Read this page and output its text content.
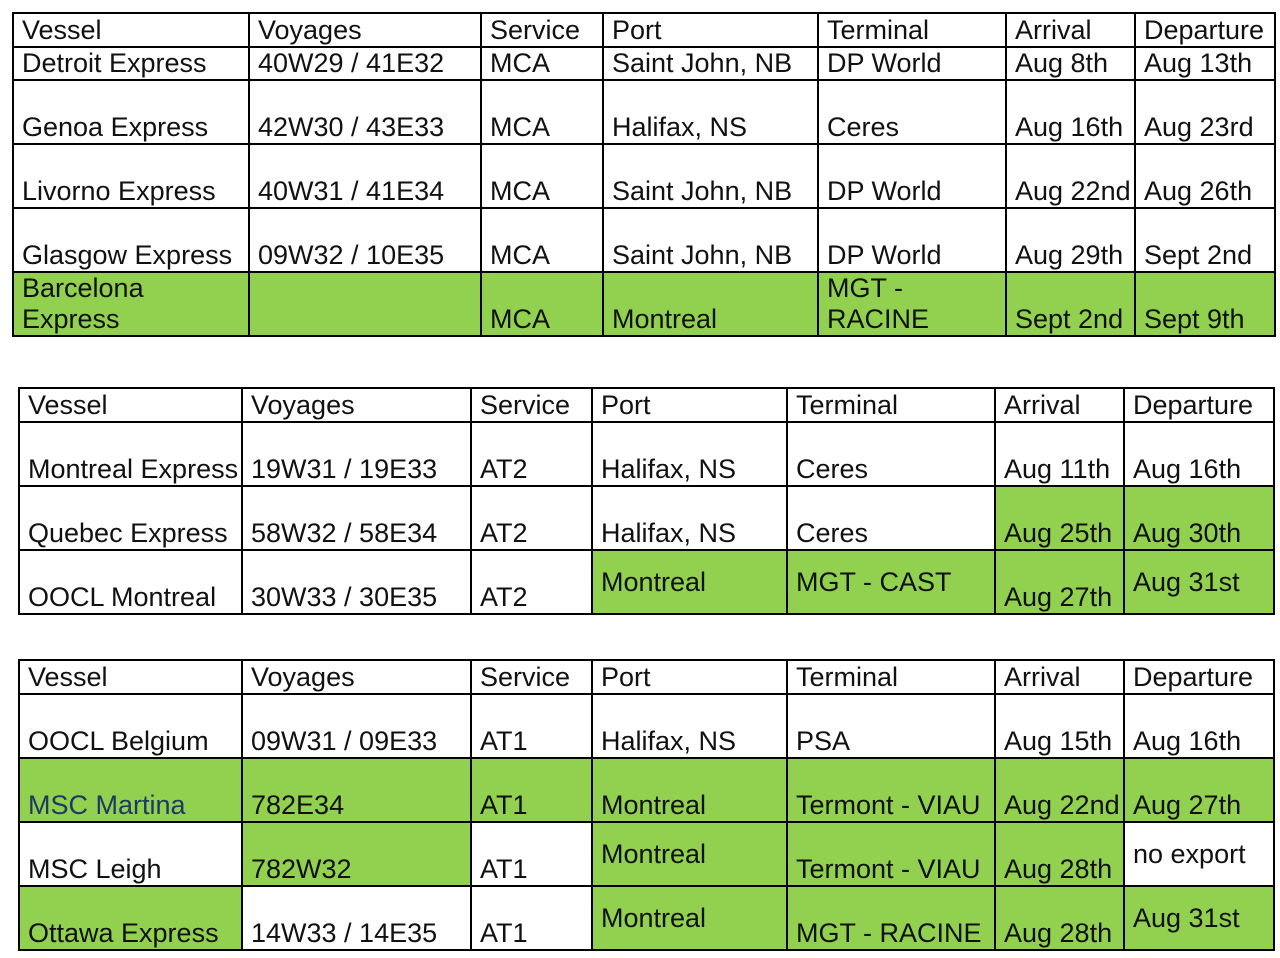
Vessel	Voyages	Service	Port	Terminal	Arrival	Departure
Detroit Express	40W29 / 41E32	MCA	Saint John, NB	DP World	Aug 8th	Aug 13th
Genoa Express	42W30 / 43E33	MCA	Halifax, NS	Ceres	Aug 16th	Aug 23rd
Livorno Express	40W31 / 41E34	MCA	Saint John, NB	DP World	Aug 22nd	Aug 26th
Glasgow Express	09W32 / 10E35	MCA	Saint John, NB	DP World	Aug 29th	Sept 2nd
Barcelona Express		MCA	Montreal	MGT - RACINE	Sept 2nd	Sept 9th
Vessel	Voyages	Service	Port	Terminal	Arrival	Departure
Montreal Express	19W31 / 19E33	AT2	Halifax, NS	Ceres	Aug 11th	Aug 16th
Quebec Express	58W32 / 58E34	AT2	Halifax, NS	Ceres	Aug 25th	Aug 30th
OOCL Montreal	30W33 / 30E35	AT2	Montreal	MGT - CAST	Aug 27th	Aug 31st
Vessel	Voyages	Service	Port	Terminal	Arrival	Departure
OOCL Belgium	09W31 / 09E33	AT1	Halifax, NS	PSA	Aug 15th	Aug 16th
MSC Martina	782E34	AT1	Montreal	Termont - VIAU	Aug 22nd	Aug 27th
MSC Leigh	782W32	AT1	Montreal	Termont - VIAU	Aug 28th	no export
Ottawa Express	14W33 / 14E35	AT1	Montreal	MGT - RACINE	Aug 28th	Aug 31st
